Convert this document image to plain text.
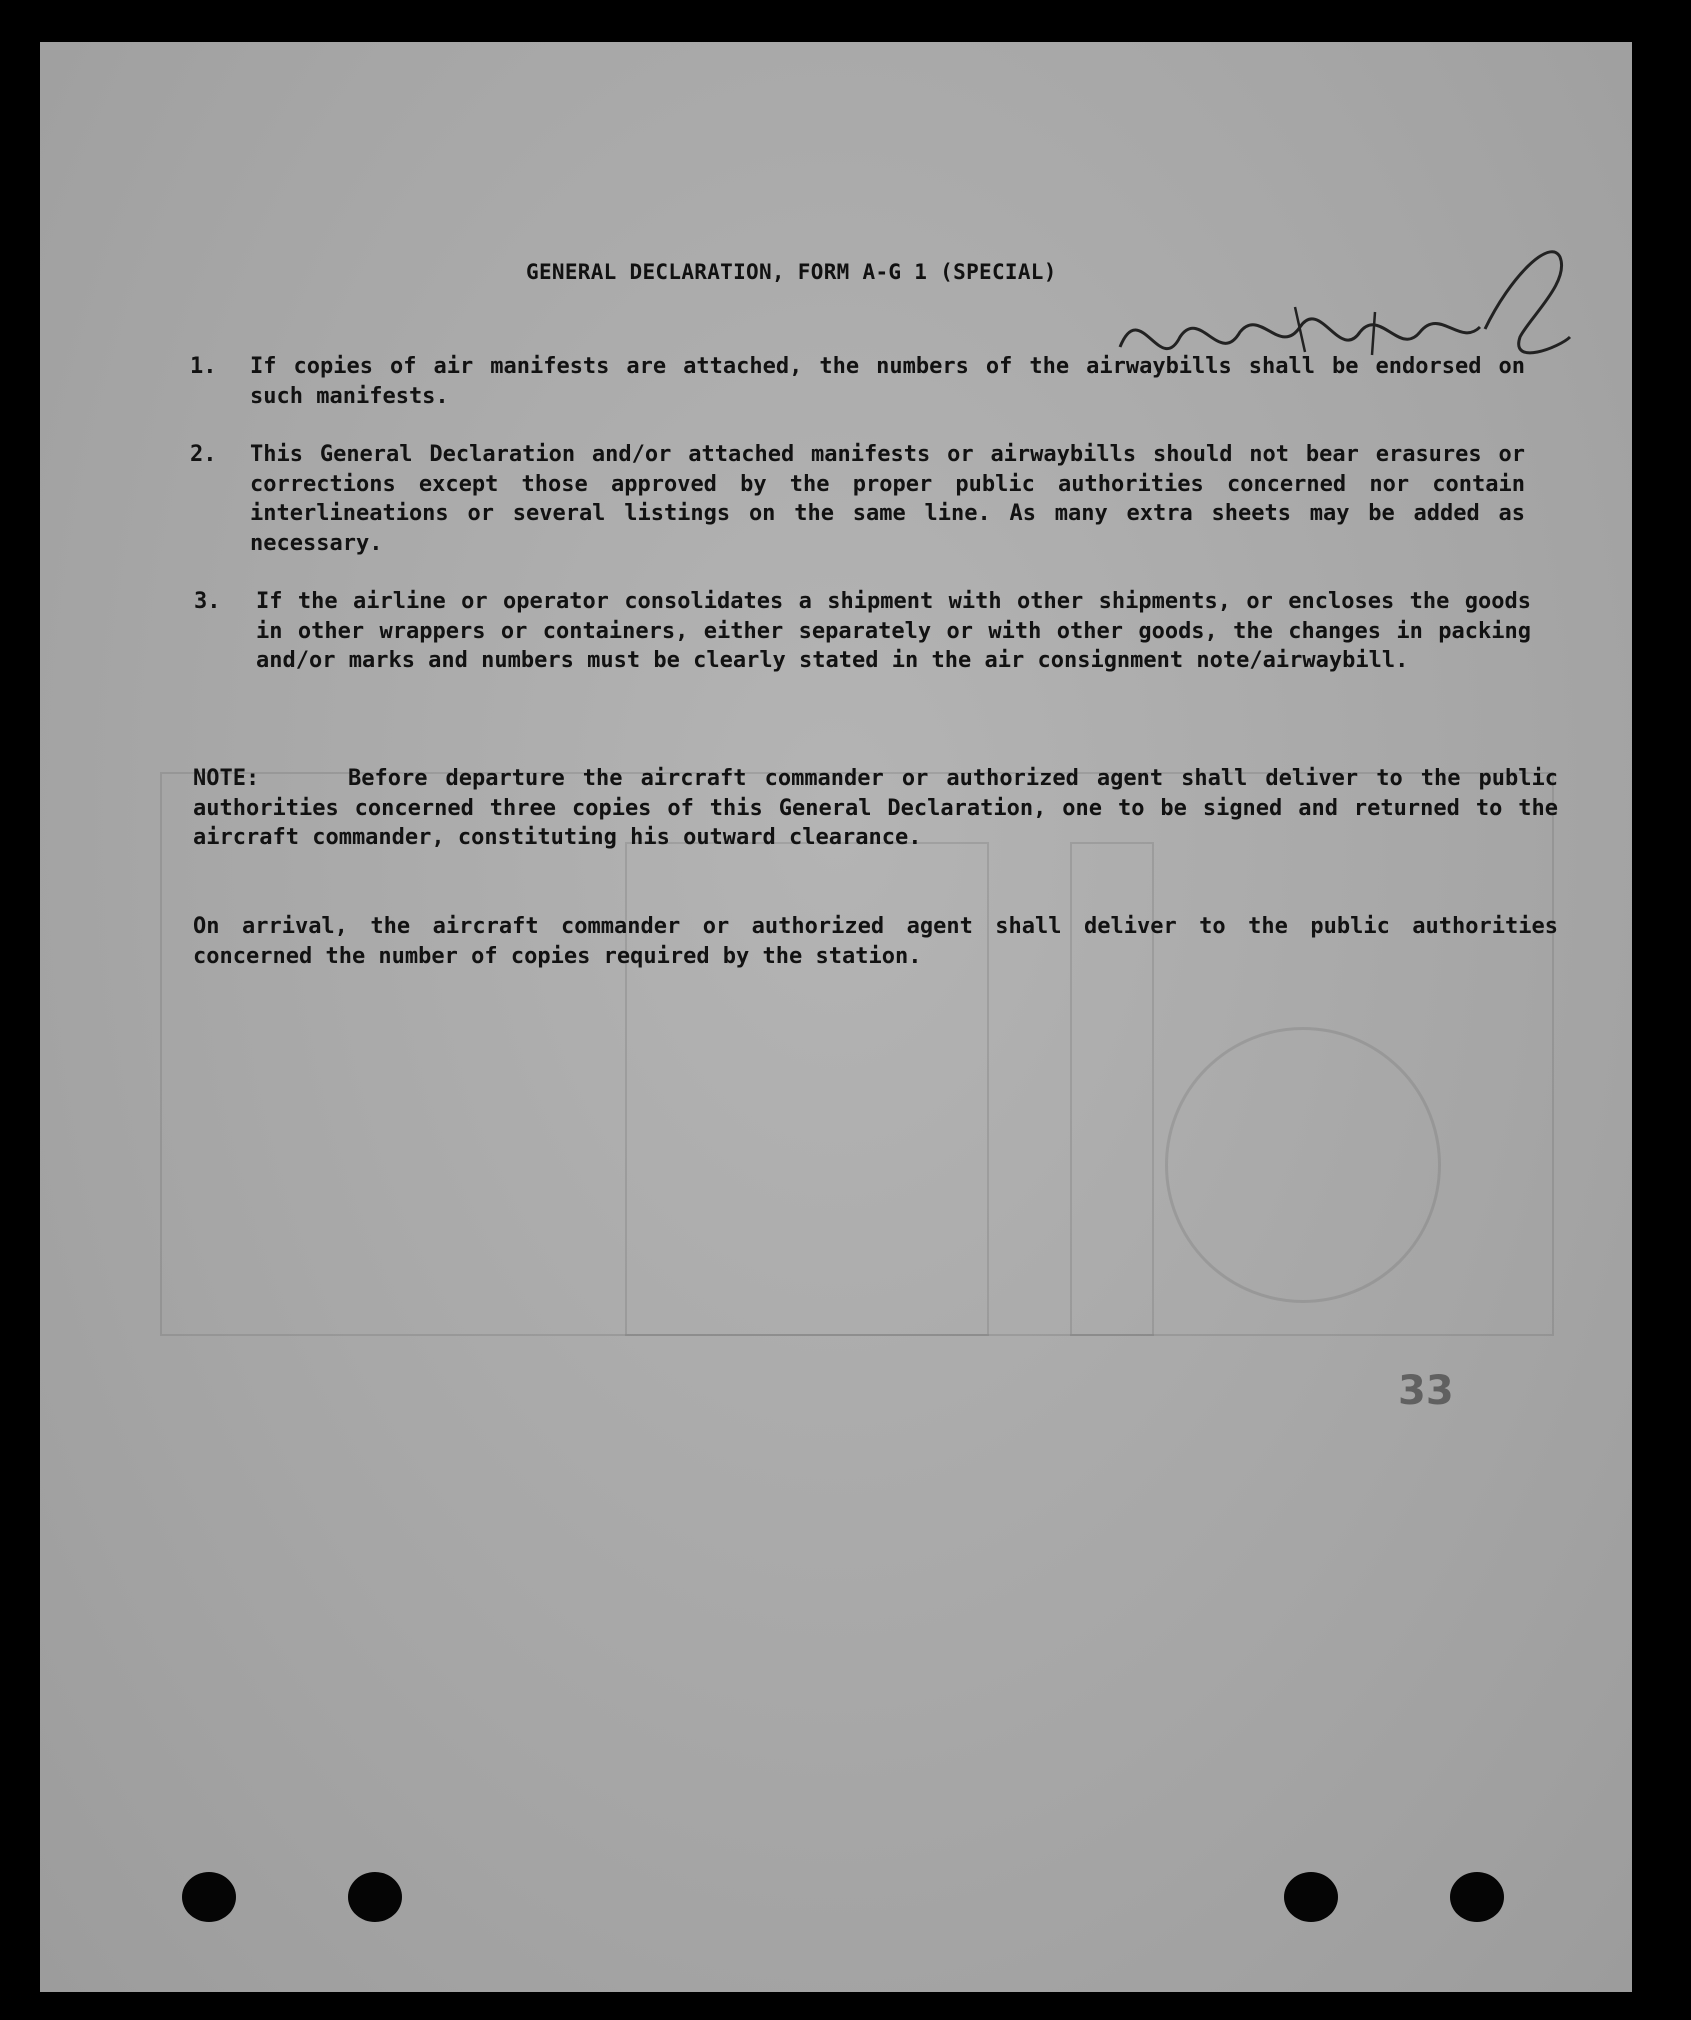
GENERAL DECLARATION, FORM A-G 1 (SPECIAL)
1. If copies of air manifests are attached, the numbers of the airwaybills shall be endorsed on such manifests.
2. This General Declaration and/or attached manifests or airwaybills should not bear erasures or corrections except those approved by the proper public authorities concerned nor contain interlineations or several listings on the same line. As many extra sheets may be added as necessary.
3. If the airline or operator consolidates a shipment with other shipments, or encloses the goods in other wrappers or containers, either separately or with other goods, the changes in packing and/or marks and numbers must be clearly stated in the air consignment note/airwaybill.
NOTE:	Before departure the aircraft commander or authorized agent shall deliver to the public authorities concerned three copies of this General Declaration, one to be signed and returned to the aircraft commander, constituting his outward clearance.
On arrival, the aircraft commander or authorized agent shall deliver to the public authorities concerned the number of copies required by the station.
33
